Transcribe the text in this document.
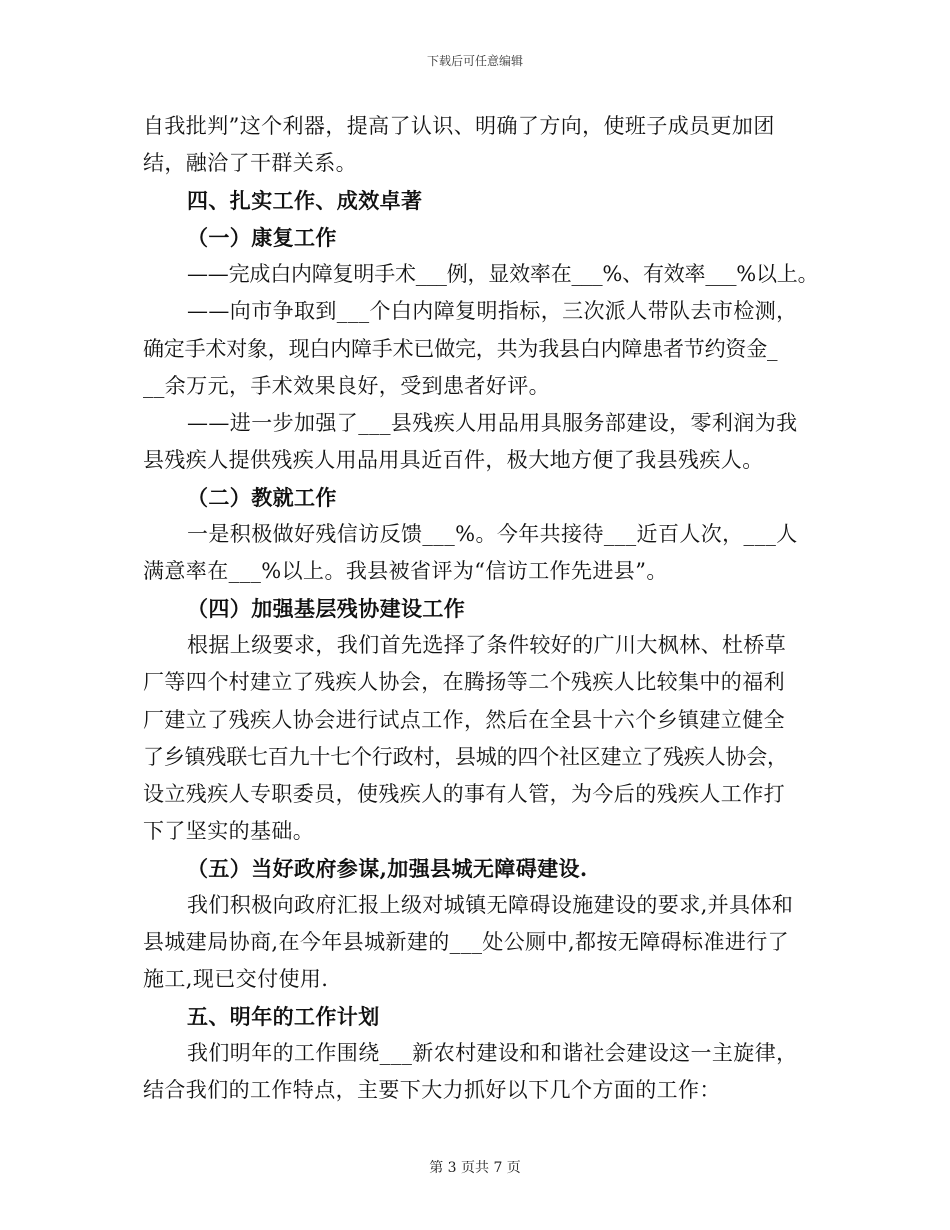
下载后可任意编辑
自我批判”这个利器，提高了认识、明确了方向，使班子成员更加团
结，融洽了干群关系。
四、扎实工作、成效卓著
（一）康复工作
——完成白内障复明手术___例，显效率在___%、有效率___%以上。
——向市争取到___个白内障复明指标，三次派人带队去市检测，
确定手术对象，现白内障手术已做完，共为我县白内障患者节约资金_
__余万元，手术效果良好，受到患者好评。
——进一步加强了___县残疾人用品用具服务部建设，零利润为我
县残疾人提供残疾人用品用具近百件，极大地方便了我县残疾人。
（二）教就工作
一是积极做好残信访反馈___%。今年共接待___近百人次，___人
满意率在___%以上。我县被省评为“信访工作先进县”。
（四）加强基层残协建设工作
根据上级要求，我们首先选择了条件较好的广川大枫林、杜桥草
厂等四个村建立了残疾人协会，在腾扬等二个残疾人比较集中的福利
厂建立了残疾人协会进行试点工作，然后在全县十六个乡镇建立健全
了乡镇残联七百九十七个行政村，县城的四个社区建立了残疾人协会，
设立残疾人专职委员，使残疾人的事有人管，为今后的残疾人工作打
下了坚实的基础。
（五）当好政府参谋,加强县城无障碍建设.
我们积极向政府汇报上级对城镇无障碍设施建设的要求,并具体和
县城建局协商,在今年县城新建的___处公厕中,都按无障碍标准进行了
施工,现已交付使用.
五、明年的工作计划
我们明年的工作围绕___新农村建设和和谐社会建设这一主旋律，
结合我们的工作特点，主要下大力抓好以下几个方面的工作：
第 3 页共 7 页
